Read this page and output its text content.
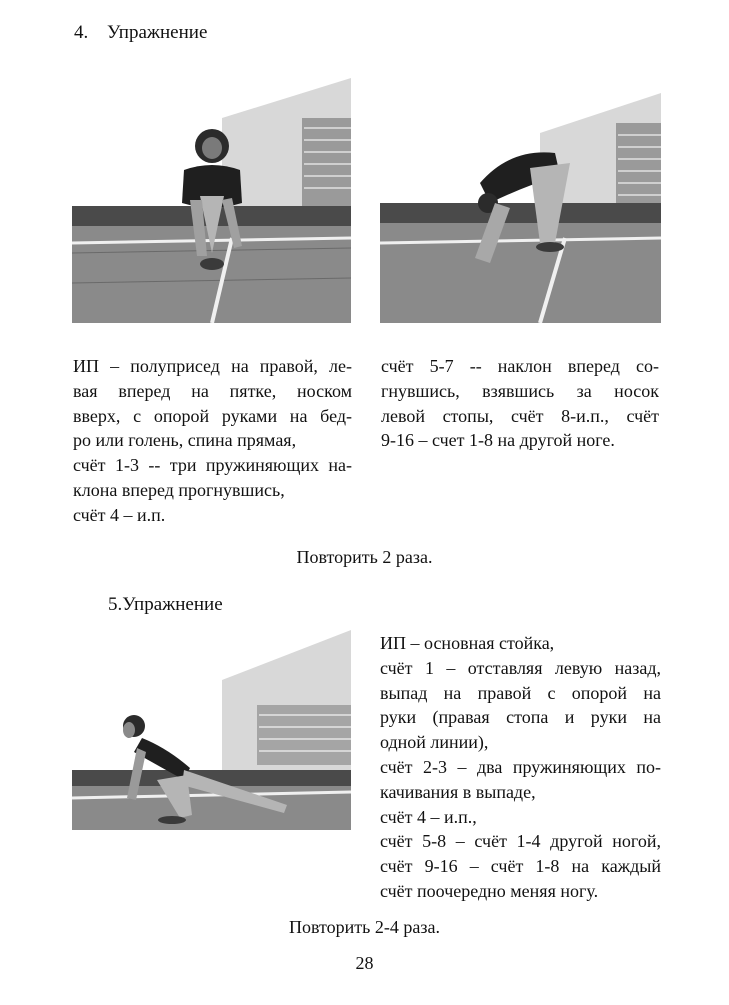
4. Упражнение
ИП – полуприсед на правой, ле-
вая вперед на пятке, носком
вверх, с опорой руками на бед-
ро или голень, спина прямая,
счёт 1-3 -- три пружиняющих на-
клона вперед прогнувшись,
счёт 4 – и.п.
счёт 5-7 -- наклон вперед со-
гнувшись, взявшись за носок
левой стопы, счёт 8-и.п., счёт
9-16 – счет 1-8 на другой ноге.
Повторить 2 раза.
5.Упражнение
ИП – основная стойка,
счёт 1 – отставляя левую назад,
выпад на правой с опорой на
руки (правая стопа и руки на
одной линии),
счёт 2-3 – два пружиняющих по-
качивания в выпаде,
счёт 4 – и.п.,
счёт 5-8 – счёт 1-4 другой ногой,
счёт 9-16 – счёт 1-8 на каждый
счёт поочередно меняя ногу.
Повторить 2-4 раза.
28
